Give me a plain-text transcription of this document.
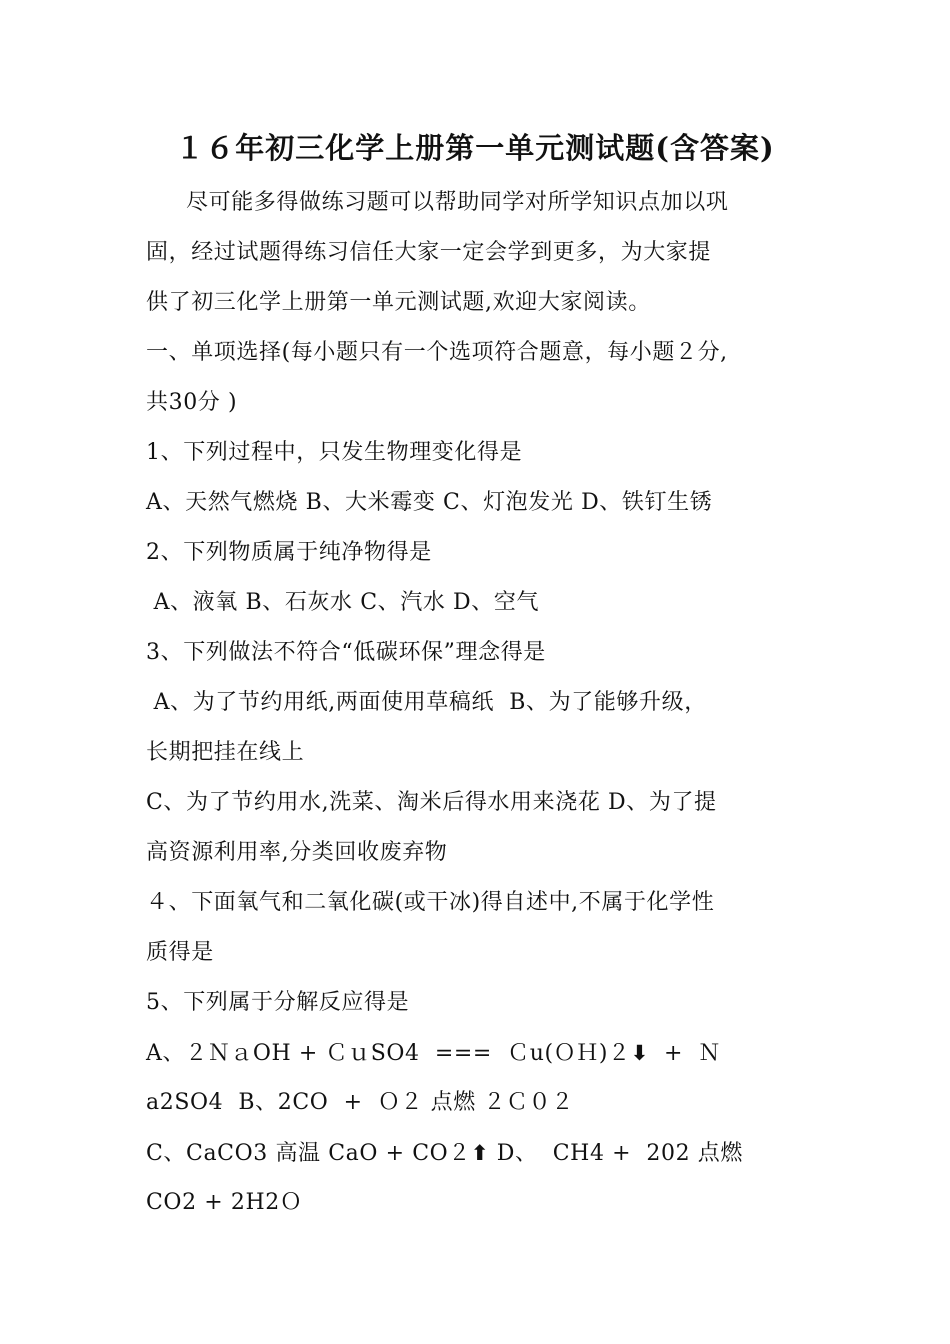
１６年初三化学上册第一单元测试题(含答案)
尽可能多得做练习题可以帮助同学对所学知识点加以巩
固，经过试题得练习信任大家一定会学到更多，为大家提
供了初三化学上册第一单元测试题,欢迎大家阅读。
一、单项选择(每小题只有一个选项符合题意，每小题２分,
共30分 )
1、下列过程中，只发生物理变化得是
A、天然气燃烧 B、大米霉变 C、灯泡发光 D、铁钉生锈
2、下列物质属于纯净物得是
A、液氧 B、石灰水 C、汽水 D、空气
3、下列做法不符合“低碳环保”理念得是
A、为了节约用纸,两面使用草稿纸  B、为了能够升级，
长期把挂在线上
C、为了节约用水,洗菜、淘米后得水用来浇花 D、为了提
高资源利用率,分类回收废弃物
４、下面氧气和二氧化碳(或干冰)得自述中,不属于化学性
质得是
5、下列属于分解反应得是
A、２ＮａOH + ＣｕSO4  ===  Ｃu(ＯＨ)２⬇  +  Ｎ
a2SO4  B、2CO  +  Ｏ２ 点燃 ２Ｃ０２
C、CaCO3 高温 CaO + CO２⬆ D、  CH4 +  202 点燃
CO2 + 2H2Ｏ
